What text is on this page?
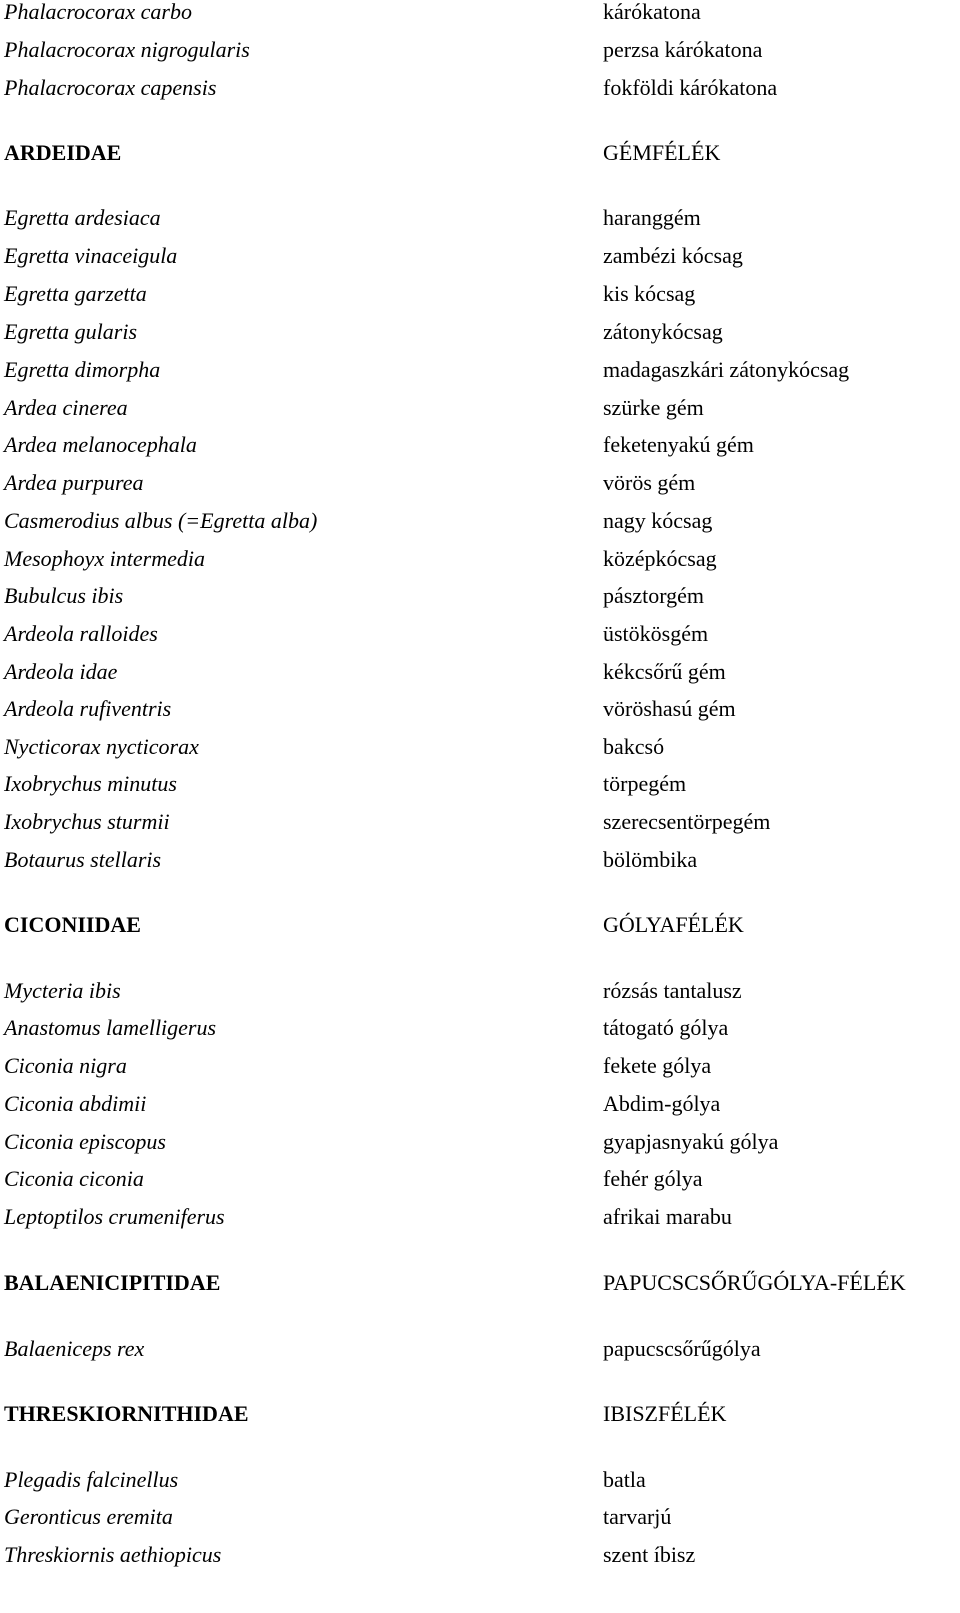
Phalacrocorax carbo	kárókatona
Phalacrocorax nigrogularis	perzsa kárókatona
Phalacrocorax capensis	fokföldi kárókatona
ARDEIDAE	GÉMFÉLÉK
Egretta ardesiaca	haranggém
Egretta vinaceigula	zambézi kócsag
Egretta garzetta	kis kócsag
Egretta gularis	zátonykócsag
Egretta dimorpha	madagaszkári zátonykócsag
Ardea cinerea	szürke gém
Ardea melanocephala	feketenyakú gém
Ardea purpurea	vörös gém
Casmerodius albus (=Egretta alba)	nagy kócsag
Mesophoyx intermedia	középkócsag
Bubulcus ibis	pásztorgém
Ardeola ralloides	üstökösgém
Ardeola idae	kékcsőrű gém
Ardeola rufiventris	vöröshasú gém
Nycticorax nycticorax	bakcsó
Ixobrychus minutus	törpegém
Ixobrychus sturmii	szerecsentörpegém
Botaurus stellaris	bölömbika
CICONIIDAE	GÓLYAFÉLÉK
Mycteria ibis	rózsás tantalusz
Anastomus lamelligerus	tátogató gólya
Ciconia nigra	fekete gólya
Ciconia abdimii	Abdim-gólya
Ciconia episcopus	gyapjasnyakú gólya
Ciconia ciconia	fehér gólya
Leptoptilos crumeniferus	afrikai marabu
BALAENICIPITIDAE	PAPUCSCSŐRŰGÓLYA-FÉLÉK
Balaeniceps rex	papucscsőrűgólya
THRESKIORNITHIDAE	IBISZFÉLÉK
Plegadis falcinellus	batla
Geronticus eremita	tarvarjú
Threskiornis aethiopicus	szent íbisz
